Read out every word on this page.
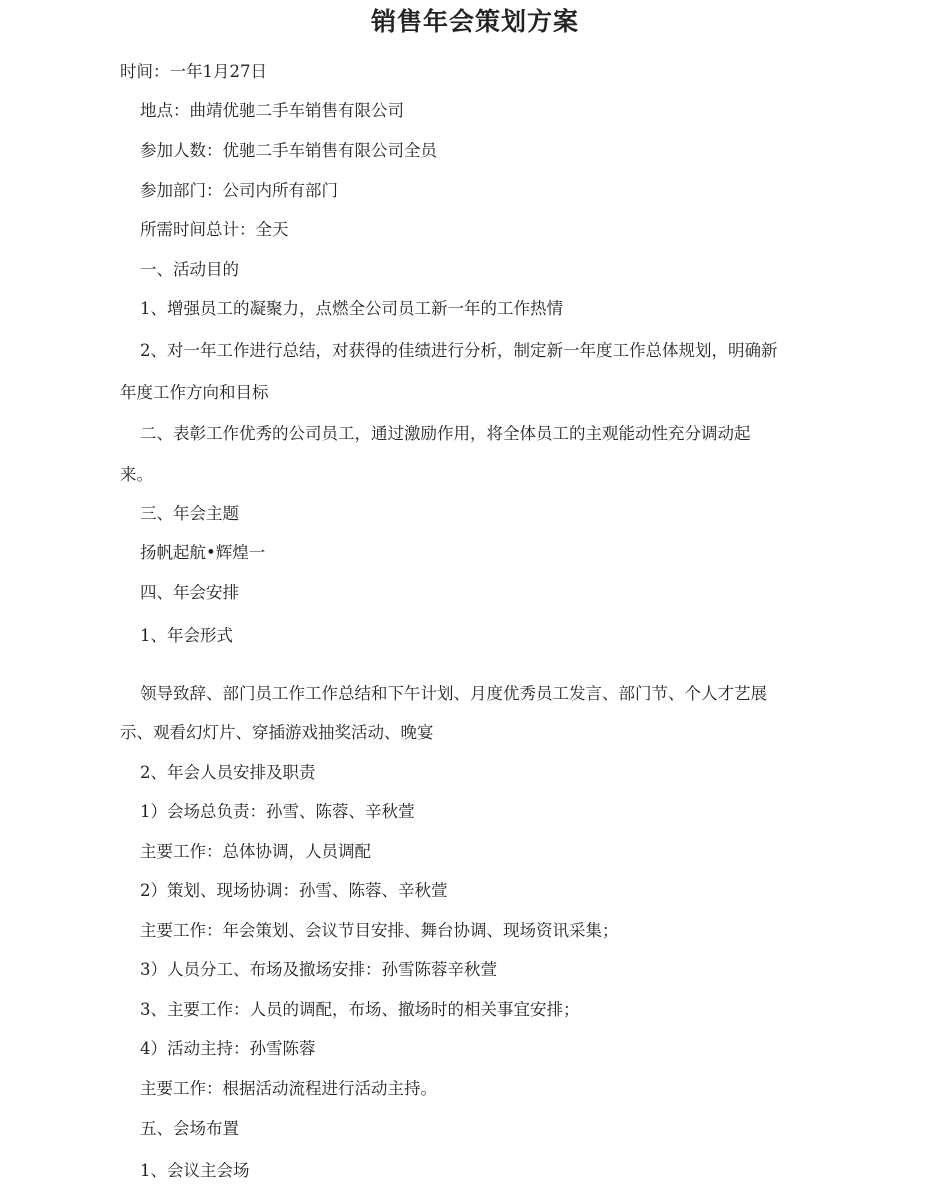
销售年会策划方案
时间：一年1月27日
地点：曲靖优驰二手车销售有限公司
参加人数：优驰二手车销售有限公司全员
参加部门：公司内所有部门
所需时间总计：全天
一、活动目的
1、增强员工的凝聚力，点燃全公司员工新一年的工作热情
2、对一年工作进行总结，对获得的佳绩进行分析，制定新一年度工作总体规划，明确新
年度工作方向和目标
二、表彰工作优秀的公司员工，通过激励作用，将全体员工的主观能动性充分调动起
来。
三、年会主题
扬帆起航•辉煌一
四、年会安排
1、年会形式
领导致辞、部门员工作工作总结和下午计划、月度优秀员工发言、部门节、个人才艺展
示、观看幻灯片、穿插游戏抽奖活动、晚宴
2、年会人员安排及职责
1）会场总负责：孙雪、陈蓉、辛秋萱
主要工作：总体协调，人员调配
2）策划、现场协调：孙雪、陈蓉、辛秋萱
主要工作：年会策划、会议节目安排、舞台协调、现场资讯采集；
3）人员分工、布场及撤场安排：孙雪陈蓉辛秋萱
3、主要工作：人员的调配，布场、撤场时的相关事宜安排；
4）活动主持：孙雪陈蓉
主要工作：根据活动流程进行活动主持。
五、会场布置
1、会议主会场
